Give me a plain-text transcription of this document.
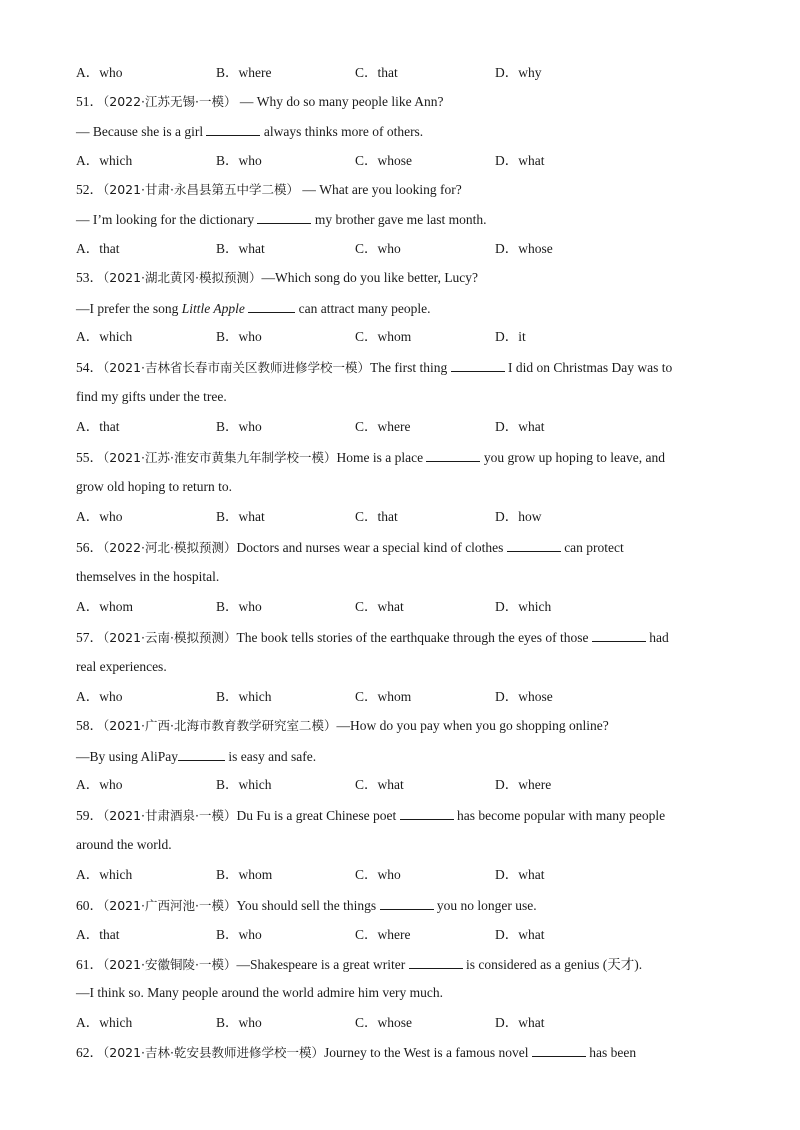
A．who	B．where	C．that	D．why
51．（2022·江苏无锡·一模） — Why do so many people like Ann?
— Because she is a girl	always thinks more of others.
A．which	B．who	C．whose	D．what
52．（2021·甘肃·永昌县第五中学二模） — What are you looking for?
— I’m looking for the dictionary	my brother gave me last month.
A．that	B．what	C．who	D．whose
53．（2021·湖北黄冈·模拟预测）—Which song do you like better, Lucy?
—I prefer the song Little Apple	can attract many people.
A．which	B．who	C．whom	D．it
54．（2021·吉林省长春市南关区教师进修学校一模）The first thing	I did on Christmas Day was to
find my gifts under the tree.
A．that	B．who	C．where	D．what
55．（2021·江苏·淮安市黄集九年制学校一模）Home is a place	you grow up hoping to leave, and
grow old hoping to return to.
A．who	B．what	C．that	D．how
56．（2022·河北·模拟预测）Doctors and nurses wear a special kind of clothes	can protect
themselves in the hospital.
A．whom	B．who	C．what	D．which
57．（2021·云南·模拟预测）The book tells stories of the earthquake through the eyes of those	had
real experiences.
A．who	B．which	C．whom	D．whose
58．（2021·广西·北海市教育教学研究室二模）—How do you pay when you go shopping online?
—By using AliPay	is easy and safe.
A．who	B．which	C．what	D．where
59．（2021·甘肃酒泉·一模）Du Fu is a great Chinese poet	has become popular with many people
around the world.
A．which	B．whom	C．who	D．what
60．（2021·广西河池·一模）You should sell the things	you no longer use.
A．that	B．who	C．where	D．what
61．（2021·安徽铜陵·一模）—Shakespeare is a great writer	is considered as a genius (天才).
—I think so. Many people around the world admire him very much.
A．which	B．who	C．whose	D．what
62．（2021·吉林·乾安县教师进修学校一模）Journey to the West is a famous novel	has been
